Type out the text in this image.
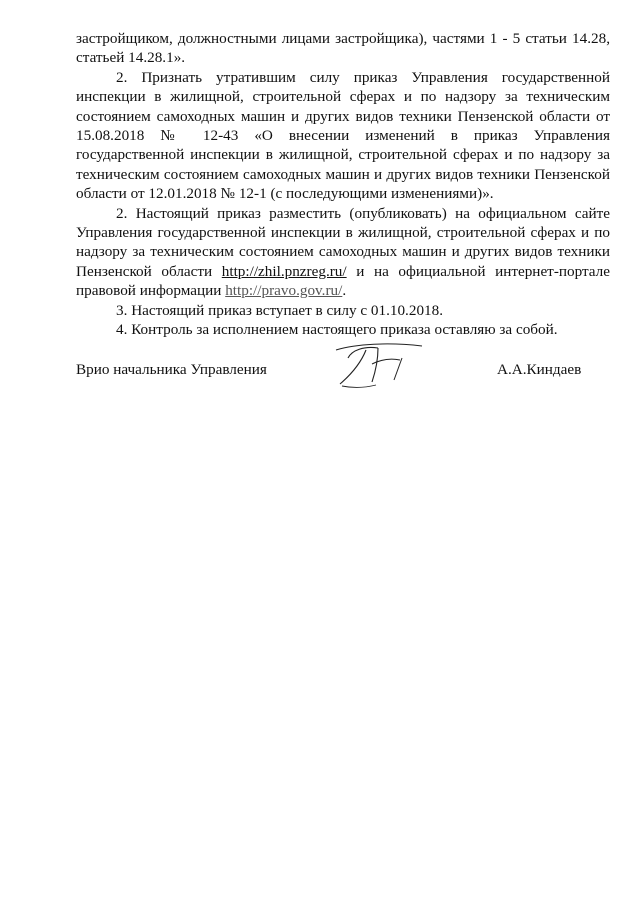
застройщиком, должностными лицами застройщика), частями 1 - 5 статьи 14.28, статьей 14.28.1».

2. Признать утратившим силу приказ Управления государственной инспекции в жилищной, строительной сферах и по надзору за техническим состоянием самоходных машин и других видов техники Пензенской области от 15.08.2018 № 12-43 «О внесении изменений в приказ Управления государственной инспекции в жилищной, строительной сферах и по надзору за техническим состоянием самоходных машин и других видов техники Пензенской области от 12.01.2018 № 12-1 (с последующими изменениями)».

2. Настоящий приказ разместить (опубликовать) на официальном сайте Управления государственной инспекции в жилищной, строительной сферах и по надзору за техническим состоянием самоходных машин и других видов техники Пензенской области http://zhil.pnzreg.ru/ и на официальной интернет-портале правовой информации http://pravo.gov.ru/.

3. Настоящий приказ вступает в силу с 01.10.2018.

4. Контроль за исполнением настоящего приказа оставляю за собой.

Врио начальника Управления	А.А.Киндаев
